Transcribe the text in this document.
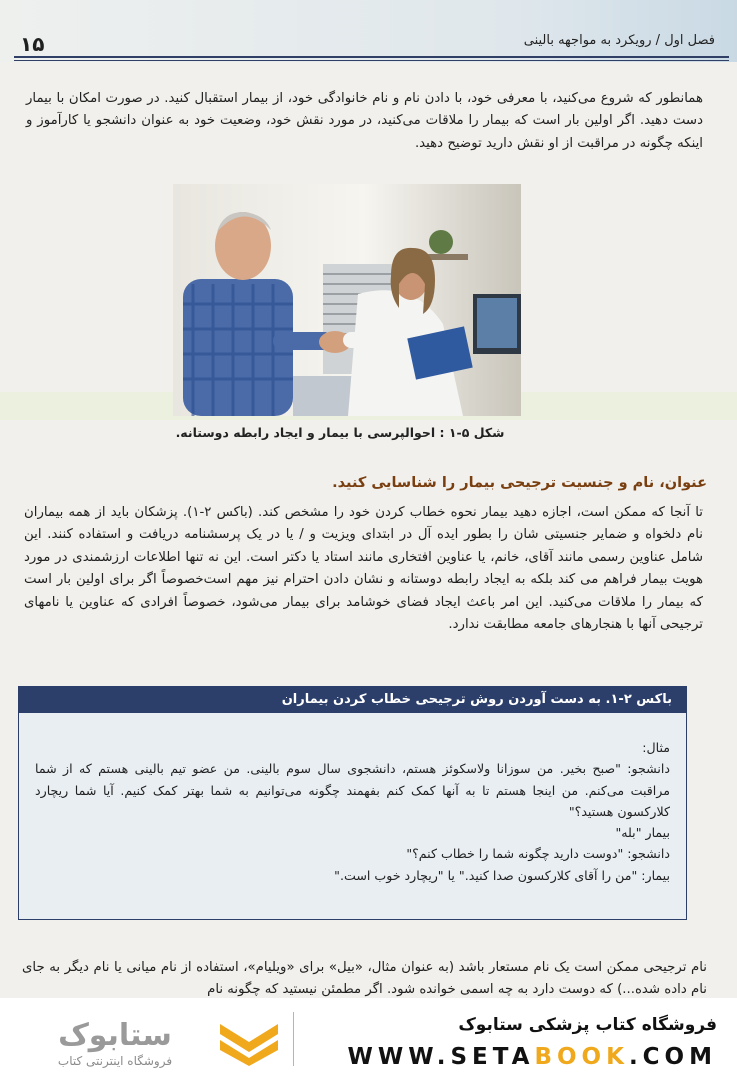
۱۵	فصل اول / رویکرد به مواجهه بالینی
همانطور که شروع می‌کنید، با معرفی خود، با دادن نام و نام خانوادگی خود، از بیمار استقبال کنید. در صورت امکان با بیمار دست دهید. اگر اولین بار است که بیمار را ملاقات می‌کنید، در مورد نقش خود، وضعیت خود به عنوان دانشجو یا کارآموز و اینکه چگونه در مراقبت از او نقش دارید توضیح دهید.
شکل ۵-۱ : احوالپرسی با بیمار و ایجاد رابطه دوستانه.
عنوان، نام و جنسیت ترجیحی بیمار را شناسایی کنید.
تا آنجا که ممکن است، اجازه دهید بیمار نحوه خطاب کردن خود را مشخص کند. (باکس ۲-۱). پزشکان باید از همه بیماران نام دلخواه و ضمایر جنسیتی شان را بطور ایده آل در ابتدای ویزیت و / یا در یک پرسشنامه دریافت و استفاده کنند. این شامل عناوین رسمی مانند آقای، خانم، یا عناوین افتخاری مانند استاد یا دکتر است. این نه تنها اطلاعات ارزشمندی در مورد هویت بیمار فراهم می کند بلکه به ایجاد رابطه دوستانه و نشان دادن احترام نیز مهم است‌خصوصاً اگر برای اولین بار است که بیمار را ملاقات می‌کنید. این امر باعث ایجاد فضای خوشامد برای بیمار می‌شود، خصوصاً افرادی که عناوین یا نامهای ترجیحی آنها با هنجارهای جامعه مطابقت ندارد.
باکس ۲-۱. به دست آوردن روش ترجیحی خطاب کردن بیماران
مثال:
دانشجو: "صبح بخیر. من سوزانا ولاسکوئز هستم، دانشجوی سال سوم بالینی. من عضو تیم بالینی هستم که از شما مراقبت می‌کنم. من اینجا هستم تا به آنها کمک کنم بفهمند چگونه می‌توانیم به شما بهتر کمک کنیم. آیا شما ریچارد کلارکسون هستید؟"
بیمار "بله"
دانشجو: "دوست دارید چگونه شما را خطاب کنم؟"
بیمار: "من را آقای کلارکسون صدا کنید." یا "ریچارد خوب است."
نام ترجیحی ممکن است یک نام مستعار باشد (به عنوان مثال، «بیل» برای «ویلیام»، استفاده از نام میانی یا نام دیگر به جای نام داده شده...) که دوست دارد به چه اسمی خوانده شود. اگر مطمئن نیستید که چگونه نام
ستابوک
فروشگاه اینترنتی کتاب
فروشگاه کتاب پزشکی ستابوک
WWW.SETABOOK.COM
